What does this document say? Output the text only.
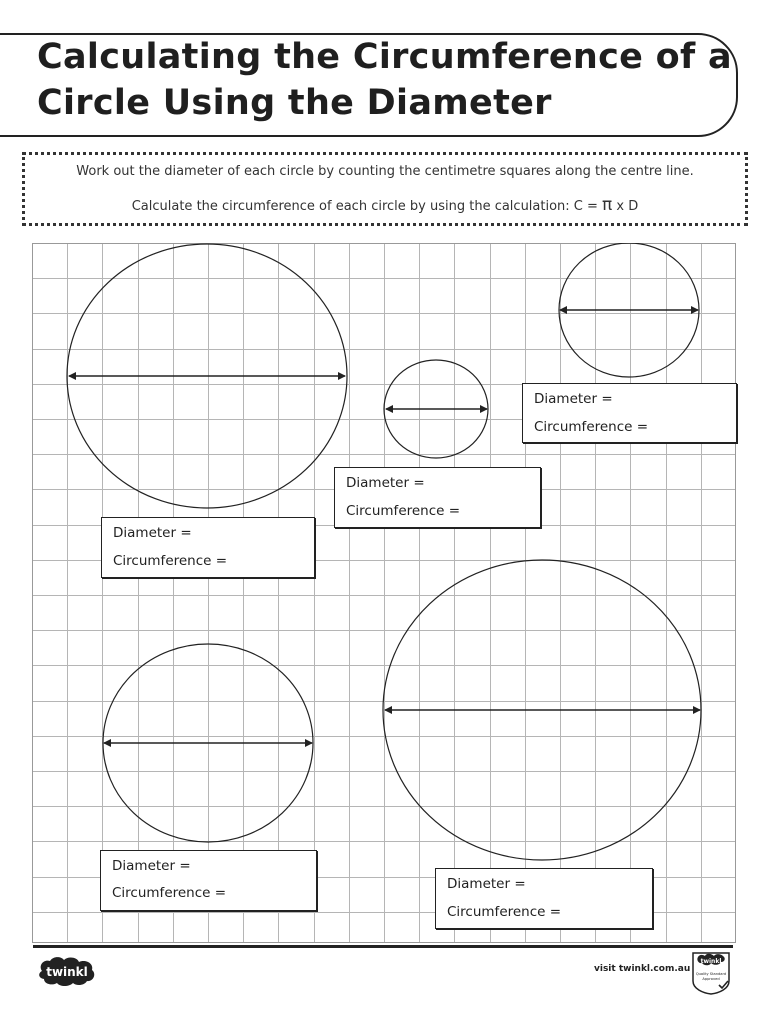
Calculating the Circumference of a
Circle Using the Diameter
Work out the diameter of each circle by counting the centimetre squares along the centre line.
Calculate the circumference of each circle by using the calculation: C = π x D
Diameter =
Circumference =
Diameter =
Circumference =
Diameter =
Circumference =
Diameter =
Circumference =
Diameter =
Circumference =
twinkl	visit twinkl.com.au
twinkl
Quality Standard
Approved
